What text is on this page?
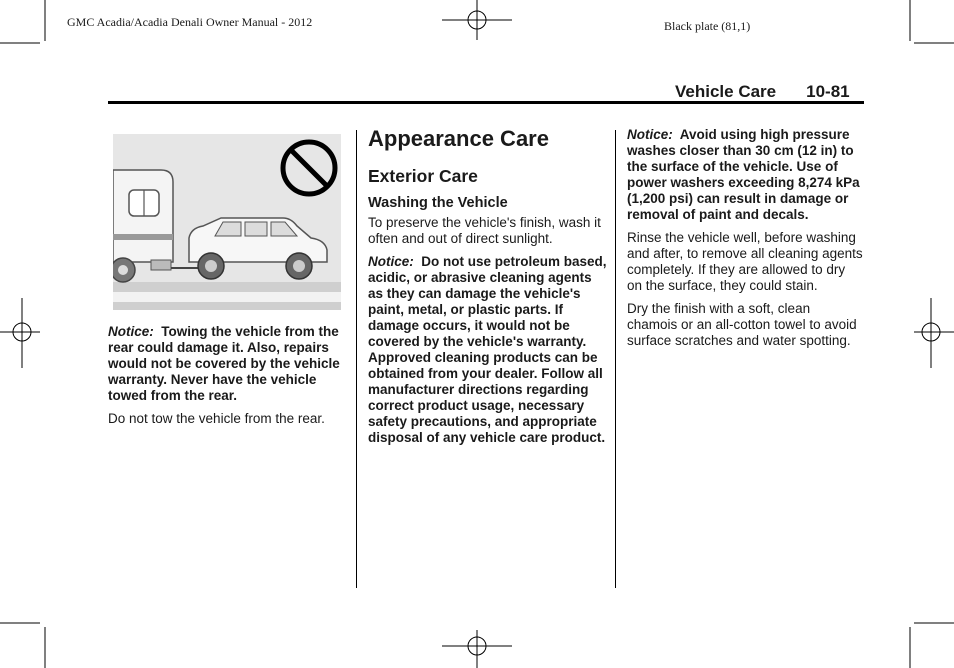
GMC Acadia/Acadia Denali Owner Manual - 2012	Black plate (81,1)
Vehicle Care 10-81

Notice: Towing the vehicle from the rear could damage it. Also, repairs would not be covered by the vehicle warranty. Never have the vehicle towed from the rear.

Do not tow the vehicle from the rear.

Appearance Care
Exterior Care
Washing the Vehicle

To preserve the vehicle's finish, wash it often and out of direct sunlight.

Notice: Do not use petroleum based, acidic, or abrasive cleaning agents as they can damage the vehicle's paint, metal, or plastic parts. If damage occurs, it would not be covered by the vehicle's warranty. Approved cleaning products can be obtained from your dealer. Follow all manufacturer directions regarding correct product usage, necessary safety precautions, and appropriate disposal of any vehicle care product.

Notice: Avoid using high pressure washes closer than 30 cm (12 in) to the surface of the vehicle. Use of power washers exceeding 8,274 kPa (1,200 psi) can result in damage or removal of paint and decals.

Rinse the vehicle well, before washing and after, to remove all cleaning agents completely. If they are allowed to dry on the surface, they could stain.

Dry the finish with a soft, clean chamois or an all-cotton towel to avoid surface scratches and water spotting.
